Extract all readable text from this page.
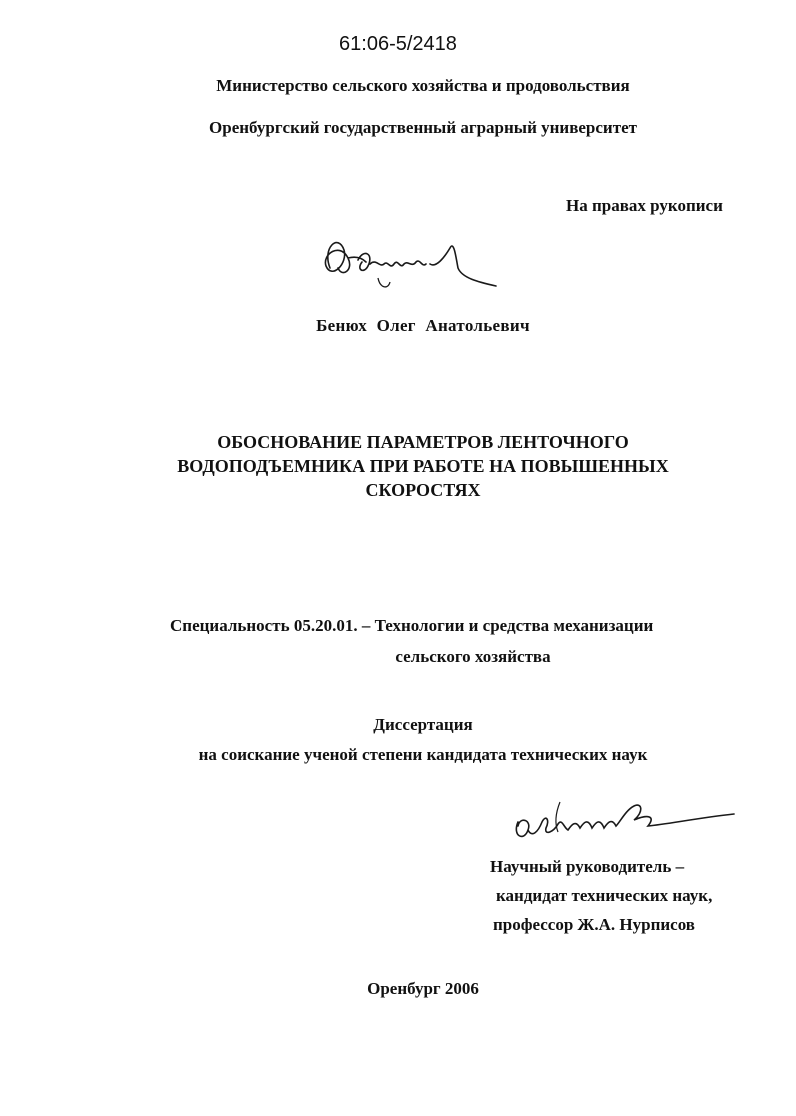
61:06-5/2418
Министерство сельского хозяйства и продовольствия
Оренбургский государственный аграрный университет
На правах рукописи
Бенюх Олег Анатольевич
ОБОСНОВАНИЕ ПАРАМЕТРОВ ЛЕНТОЧНОГО
ВОДОПОДЪЕМНИКА ПРИ РАБОТЕ НА ПОВЫШЕННЫХ
СКОРОСТЯХ
Специальность 05.20.01. – Технологии и средства механизации
сельского хозяйства
Диссертация
на соискание ученой степени кандидата технических наук
Научный руководитель –
кандидат технических наук,
профессор Ж.А. Нурписов
Оренбург 2006
